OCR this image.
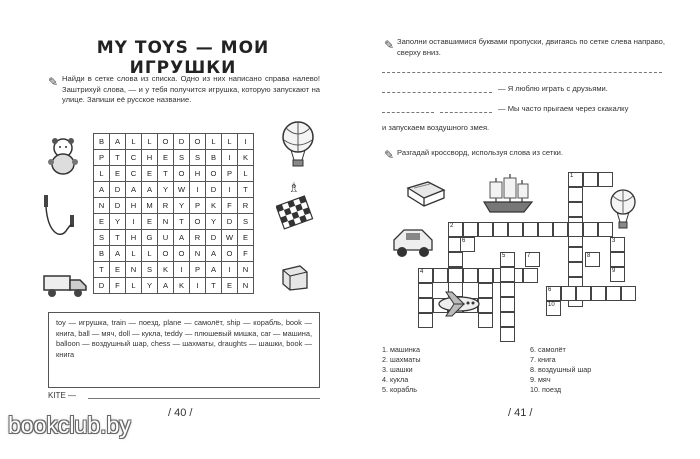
MY TOYS — МОИ ИГРУШКИ
✎ Найди в сетке слова из списка. Одно из них написано справа налево! Заштрихуй слова, — и у тебя получится игрушка, которую запускают на улице. Запиши её русское название.
B	A	L	L	O	D	O	L	L	I
P	T	C	H	E	S	S	B	I	K
L	E	C	E	T	O	H	O	P	L
A	D	A	A	Y	W	I	D	I	T
N	D	H	M	R	Y	P	K	F	R
E	Y	I	E	N	T	O	Y	D	S
S	T	H	G	U	A	R	D	W	E
B	A	L	L	O	O	N	A	O	F
T	E	N	S	K	I	P	A	I	N
D	F	L	Y	A	K	I	T	E	N
♗
toy — игрушка, train — поезд, plane — самолёт, ship — корабль, book — книга, ball — мяч, doll — кукла, teddy — плюшевый мишка, car — машина, balloon — воздушный шар, chess — шахматы, draughts — шашки, book — книга
KITE —
/ 40 /
✎ Заполни оставшимися буквами пропуски, двигаясь по сетке слева направо, сверху вниз.
— Я люблю играть с друзьями.
— Мы часто прыгаем через скакалку
и запускаем воздушного змея.
✎ Разгадай кроссворд, используя слова из сетки.
1
2
3
4
5
6
6
7	8
9
10
1. машинка
2. шахматы
3. шашки
4. кукла
5. корабль
6. самолёт
7. книга
8. воздушный шар
9. мяч
10. поезд
/ 41 /
bookclub.by
